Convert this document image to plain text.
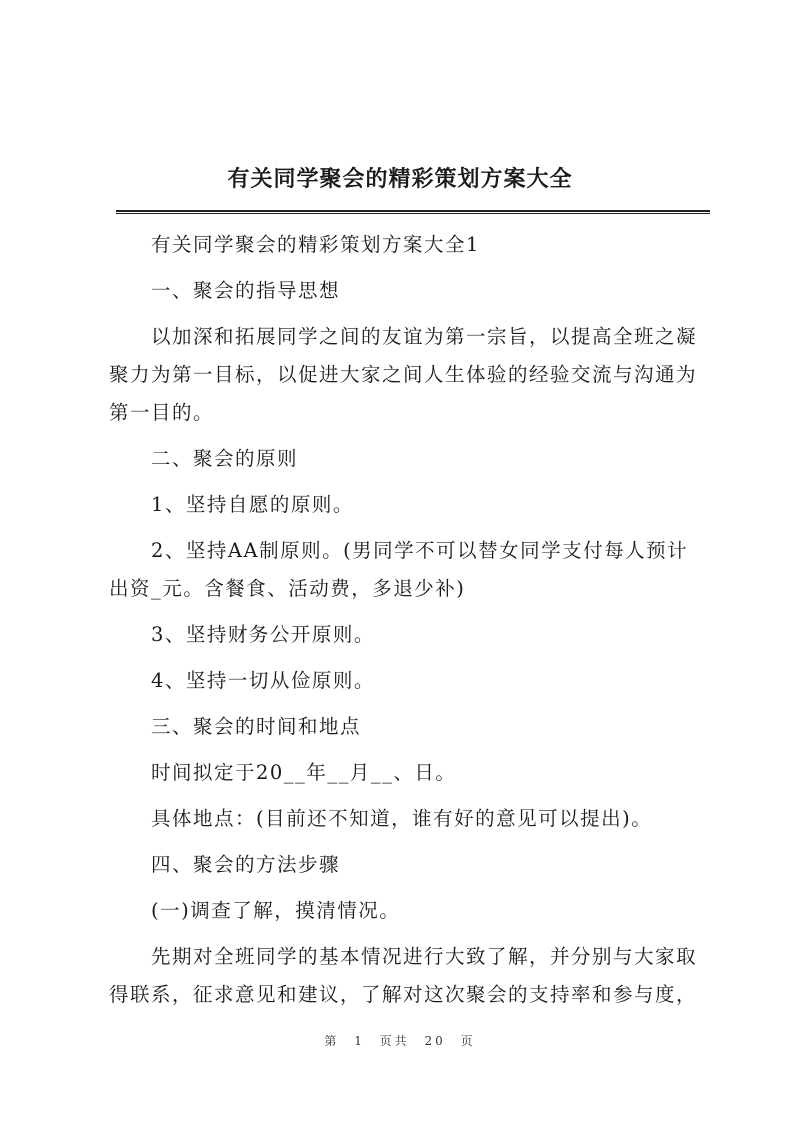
有关同学聚会的精彩策划方案大全

有关同学聚会的精彩策划方案大全1

一、聚会的指导思想

以加深和拓展同学之间的友谊为第一宗旨，以提高全班之凝聚力为第一目标，以促进大家之间人生体验的经验交流与沟通为第一目的。

二、聚会的原则

1、坚持自愿的原则。

2、坚持AA制原则。(男同学不可以替女同学支付每人预计出资_元。含餐食、活动费，多退少补)

3、坚持财务公开原则。

4、坚持一切从俭原则。

三、聚会的时间和地点

时间拟定于20__年__月__、日。

具体地点：(目前还不知道，谁有好的意见可以提出)。

四、聚会的方法步骤

(一)调查了解，摸清情况。

先期对全班同学的基本情况进行大致了解，并分别与大家取得联系，征求意见和建议，了解对这次聚会的支持率和参与度，

第 1 页共 20 页
